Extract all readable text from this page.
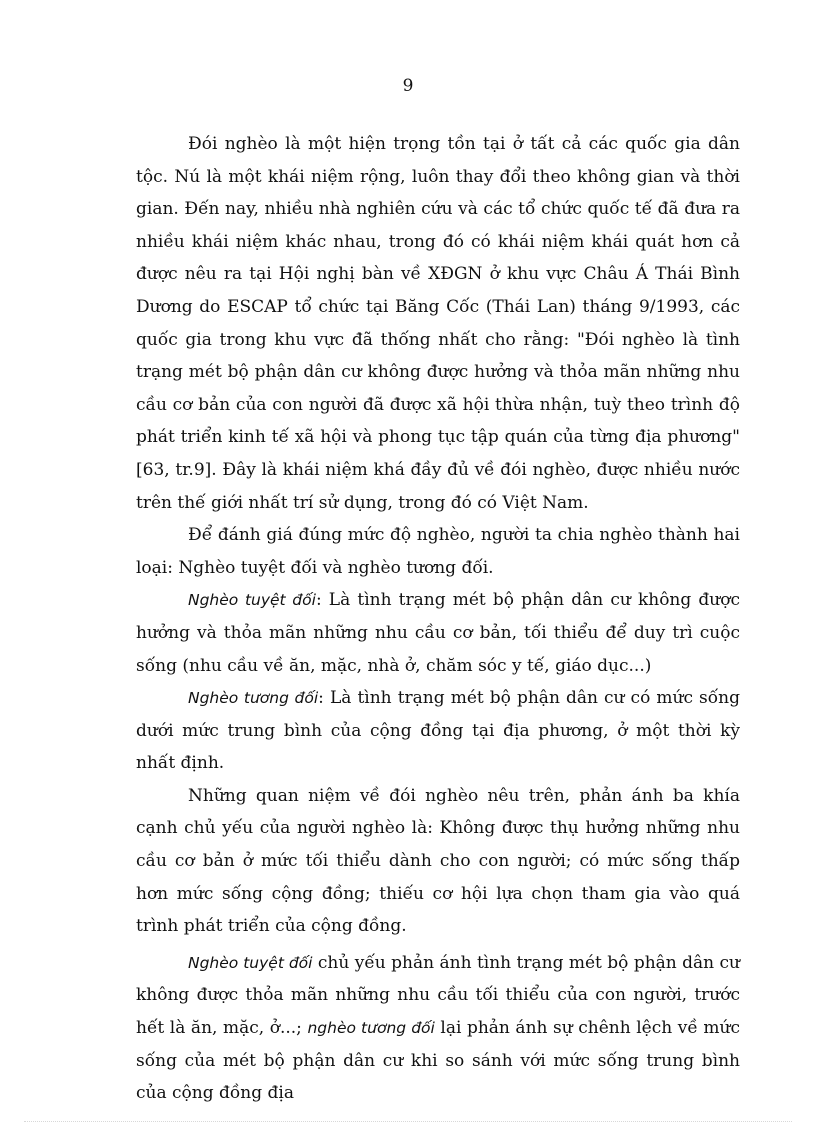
9

Đói nghèo là một hiện trọng tồn tại ở tất cả các quốc gia dân tộc. Nú là một khái niệm rộng, luôn thay đổi theo không gian và thời gian. Đến nay, nhiều nhà nghiên cứu và các tổ chức quốc tế đã đưa ra nhiều khái niệm khác nhau, trong đó có khái niệm khái quát hơn cả được nêu ra tại Hội nghị bàn về XĐGN ở khu vực Châu Á Thái Bình Dương do ESCAP tổ chức tại Băng Cốc (Thái Lan) tháng 9/1993, các quốc gia trong khu vực đã thống nhất cho rằng: "Đói nghèo là tình trạng mét bộ phận dân cư không được hưởng và thỏa mãn những nhu cầu cơ bản của con người đã được xã hội thừa nhận, tuỳ theo trình độ phát triển kinh tế xã hội và phong tục tập quán của từng địa phương" [63, tr.9]. Đây là khái niệm khá đầy đủ về đói nghèo, được nhiều nước trên thế giới nhất trí sử dụng, trong đó có Việt Nam.

Để đánh giá đúng mức độ nghèo, người ta chia nghèo thành hai loại: Nghèo tuyệt đối và nghèo tương đối.

Nghèo tuyệt đối: Là tình trạng mét bộ phận dân cư không được hưởng và thỏa mãn những nhu cầu cơ bản, tối thiểu để duy trì cuộc sống (nhu cầu về ăn, mặc, nhà ở, chăm sóc y tế, giáo dục...)

Nghèo tương đối: Là tình trạng mét bộ phận dân cư có mức sống dưới mức trung bình của cộng đồng tại địa phương, ở một thời kỳ nhất định.

Những quan niệm về đói nghèo nêu trên, phản ánh ba khía cạnh chủ yếu của người nghèo là: Không được thụ hưởng những nhu cầu cơ bản ở mức tối thiểu dành cho con người; có mức sống thấp hơn mức sống cộng đồng; thiếu cơ hội lựa chọn tham gia vào quá trình phát triển của cộng đồng.

Nghèo tuyệt đối chủ yếu phản ánh tình trạng mét bộ phận dân cư không được thỏa mãn những nhu cầu tối thiểu của con người, trước hết là ăn, mặc, ở...; nghèo tương đối lại phản ánh sự chênh lệch về mức sống của mét bộ phận dân cư khi so sánh với mức sống trung bình của cộng đồng địa
